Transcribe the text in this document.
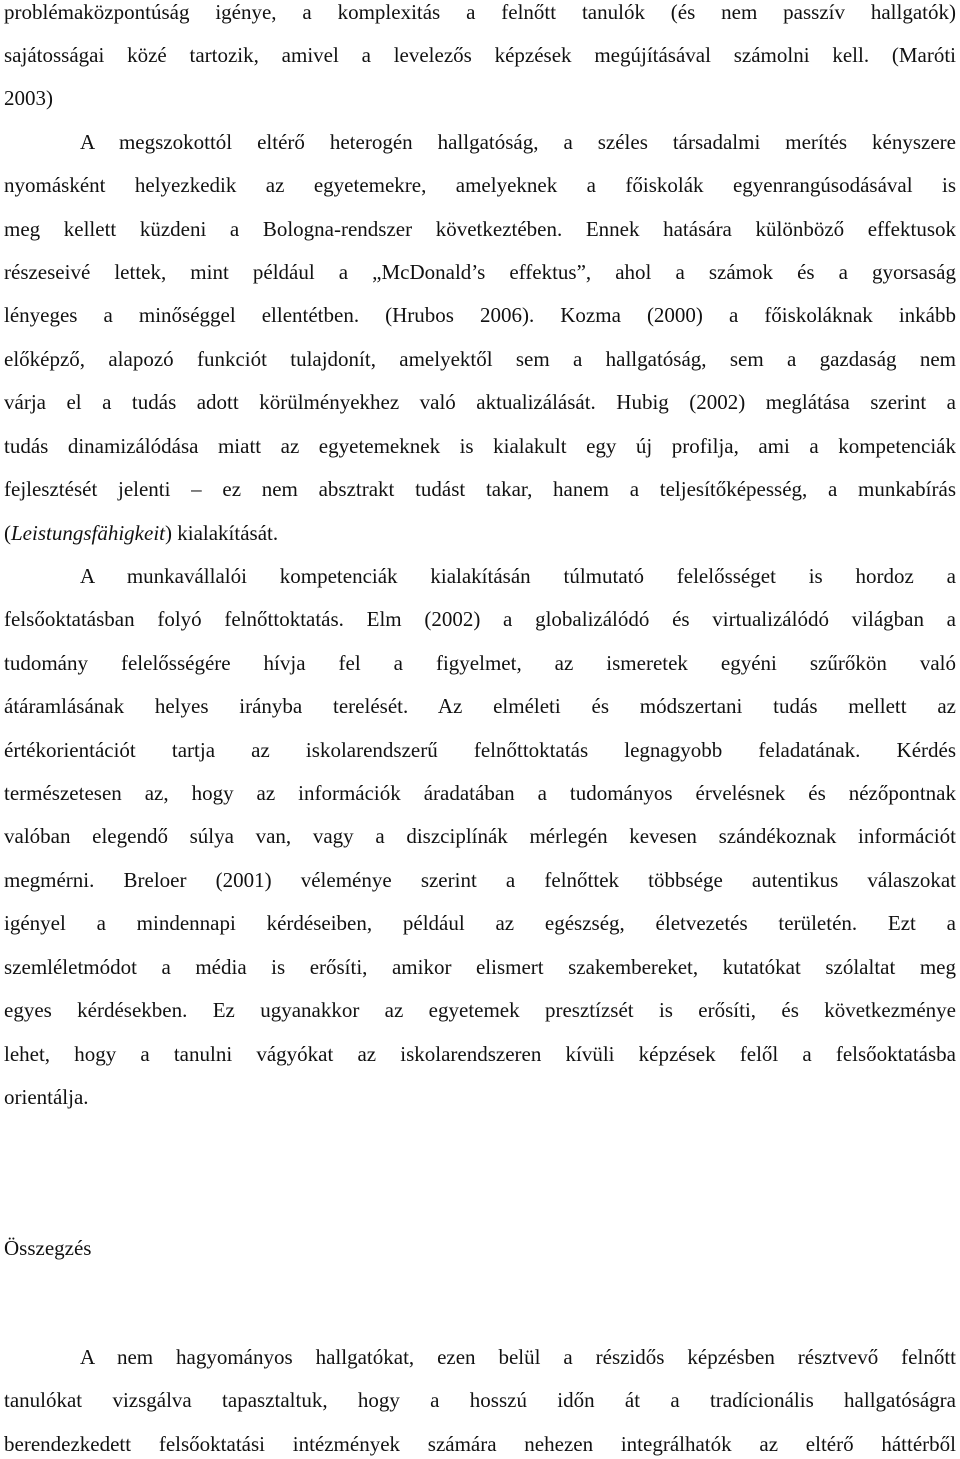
problémaközpontúság igénye, a komplexitás a felnőtt tanulók (és nem passzív hallgatók)
sajátosságai közé tartozik, amivel a levelezős képzések megújításával számolni kell. (Maróti
2003)
A megszokottól eltérő heterogén hallgatóság, a széles társadalmi merítés kényszere
nyomásként helyezkedik az egyetemekre, amelyeknek a főiskolák egyenrangúsodásával is
meg kellett küzdeni a Bologna-rendszer következtében. Ennek hatására különböző effektusok
részeseivé lettek, mint például a „McDonald’s effektus”, ahol a számok és a gyorsaság
lényeges a minőséggel ellentétben. (Hrubos 2006). Kozma (2000) a főiskoláknak inkább
előképző, alapozó funkciót tulajdonít, amelyektől sem a hallgatóság, sem a gazdaság nem
várja el a tudás adott körülményekhez való aktualizálását. Hubig (2002) meglátása szerint a
tudás dinamizálódása miatt az egyetemeknek is kialakult egy új profilja, ami a kompetenciák
fejlesztését jelenti – ez nem absztrakt tudást takar, hanem a teljesítőképesség, a munkabírás
(Leistungsfähigkeit) kialakítását.
A munkavállalói kompetenciák kialakításán túlmutató felelősséget is hordoz a
felsőoktatásban folyó felnőttoktatás. Elm (2002) a globalizálódó és virtualizálódó világban a
tudomány felelősségére hívja fel a figyelmet, az ismeretek egyéni szűrőkön való
átáramlásának helyes irányba terelését. Az elméleti és módszertani tudás mellett az
értékorientációt tartja az iskolarendszerű felnőttoktatás legnagyobb feladatának. Kérdés
természetesen az, hogy az információk áradatában a tudományos érvelésnek és nézőpontnak
valóban elegendő súlya van, vagy a diszciplínák mérlegén kevesen szándékoznak információt
megmérni. Breloer (2001) véleménye szerint a felnőttek többsége autentikus válaszokat
igényel a mindennapi kérdéseiben, például az egészség, életvezetés területén. Ezt a
szemléletmódot a média is erősíti, amikor elismert szakembereket, kutatókat szólaltat meg
egyes kérdésekben. Ez ugyanakkor az egyetemek presztízsét is erősíti, és következménye
lehet, hogy a tanulni vágyókat az iskolarendszeren kívüli képzések felől a felsőoktatásba
orientálja.
Összegzés
A nem hagyományos hallgatókat, ezen belül a részidős képzésben résztvevő felnőtt
tanulókat vizsgálva tapasztaltuk, hogy a hosszú időn át a tradícionális hallgatóságra
berendezkedett felsőoktatási intézmények számára nehezen integrálhatók az eltérő háttérből
